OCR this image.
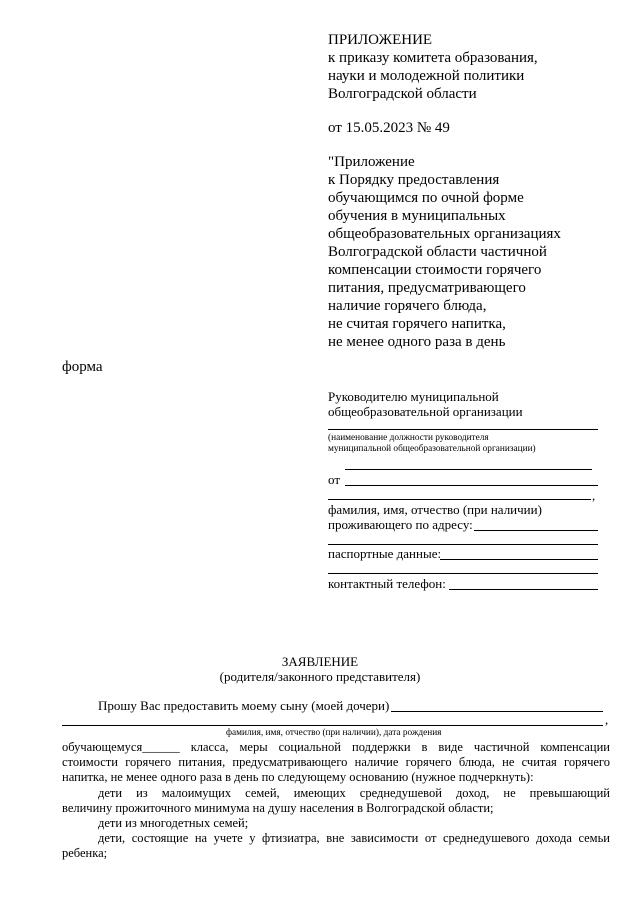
ПРИЛОЖЕНИЕ
к приказу комитета образования,
науки и молодежной политики
Волгоградской области
от 15.05.2023 № 49
"Приложение
к Порядку предоставления
обучающимся по очной форме
обучения в муниципальных
общеобразовательных организациях
Волгоградской области частичной
компенсации стоимости горячего
питания, предусматривающего
наличие горячего блюда,
не считая горячего напитка,
не менее одного раза в день
форма
Руководителю муниципальной
общеобразовательной организации
(наименование должности руководителя
муниципальной общеобразовательной организации)
от
,
фамилия, имя, отчество (при наличии)
проживающего по адресу:
паспортные данные:
контактный телефон:
ЗАЯВЛЕНИЕ
(родителя/законного представителя)
Прошу Вас предоставить моему сыну (моей дочери)
,
фамилия, имя, отчество (при наличии), дата рождения
обучающемуся______ класса, меры социальной поддержки в виде частичной компенсации
стоимости горячего питания, предусматривающего наличие горячего блюда, не считая горячего
напитка, не менее одного раза в день по следующему основанию (нужное подчеркнуть):
дети из малоимущих семей, имеющих среднедушевой доход, не превышающий
величину прожиточного минимума на душу населения в Волгоградской области;
дети из многодетных семей;
дети, состоящие на учете у фтизиатра, вне зависимости от среднедушевого дохода семьи
ребенка;
